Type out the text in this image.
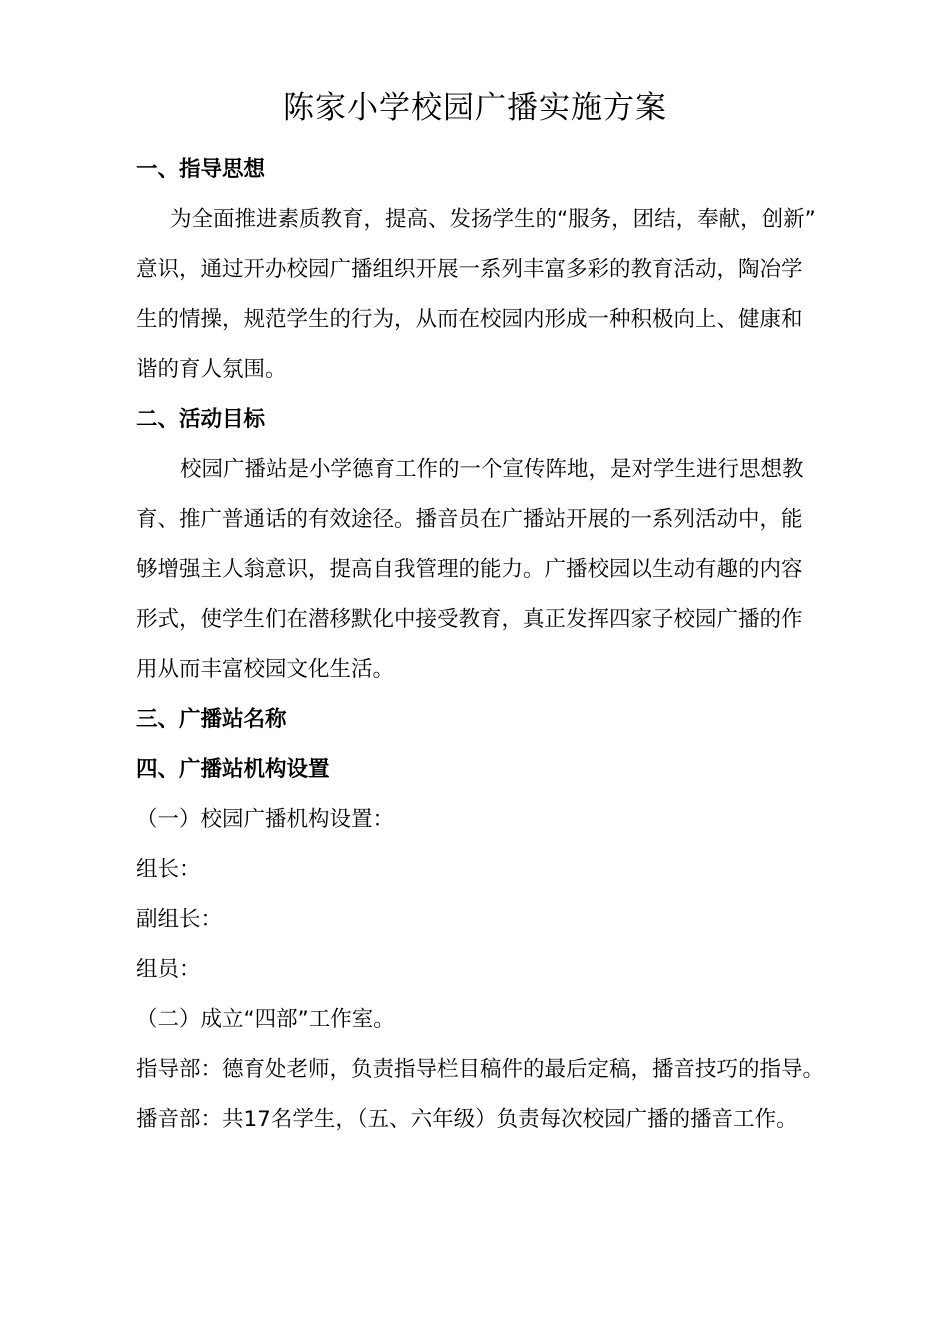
陈家小学校园广播实施方案

一、指导思想

为全面推进素质教育，提高、发扬学生的“服务，团结，奉献，创新”

意识，通过开办校园广播组织开展一系列丰富多彩的教育活动，陶冶学

生的情操，规范学生的行为，从而在校园内形成一种积极向上、健康和

谐的育人氛围。

二、活动目标

校园广播站是小学德育工作的一个宣传阵地，是对学生进行思想教

育、推广普通话的有效途径。播音员在广播站开展的一系列活动中，能

够增强主人翁意识，提高自我管理的能力。广播校园以生动有趣的内容

形式，使学生们在潜移默化中接受教育，真正发挥四家子校园广播的作

用从而丰富校园文化生活。

三、广播站名称

四、广播站机构设置

（一）校园广播机构设置：

组长：

副组长：

组员：

（二）成立“四部”工作室。

指导部：德育处老师，负责指导栏目稿件的最后定稿，播音技巧的指导。

播音部：共17名学生，（五、六年级）负责每次校园广播的播音工作。
